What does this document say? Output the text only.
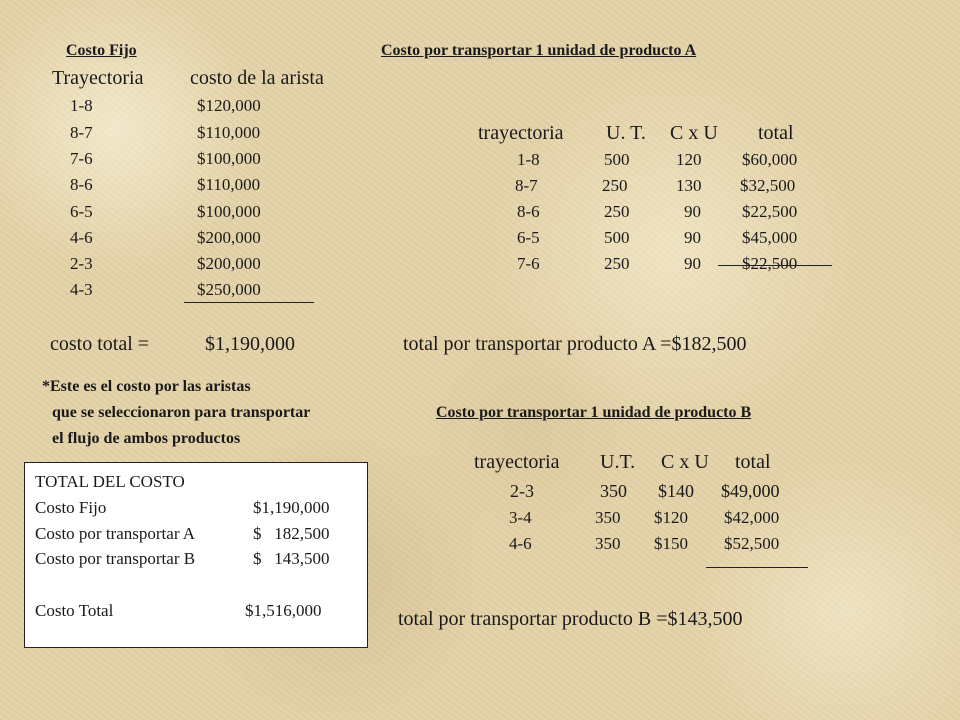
Costo Fijo
Trayectoria costo de la arista
1-8	$120,000
8-7	$110,000
7-6	$100,000
8-6	$110,000
6-5	$100,000
4-6	$200,000
2-3	$200,000
4-3	$250,000
costo total =	$1,190,000
*Este es el costo por las aristas
que se seleccionaron para transportar
el flujo de ambos productos
Costo por transportar 1 unidad de producto A
trayectoria U. T. C x U total
1-8	500	120 $60,000
8-7	250	130 $32,500
8-6	250	90 $22,500
6-5	500	90 $45,000
7-6	250	90 $22,500
total por transportar producto A =$182,500
Costo por transportar 1 unidad de producto B
trayectoria U.T. C x U total
2-3	350 $140 $49,000
3-4	350 $120 $42,000
4-6	350 $150 $52,500
total por transportar producto B =$143,500
TOTAL DEL COSTO
Costo Fijo	$1,190,000
Costo por transportar A	$   182,500
Costo por transportar B	$   143,500
Costo Total	$1,516,000
